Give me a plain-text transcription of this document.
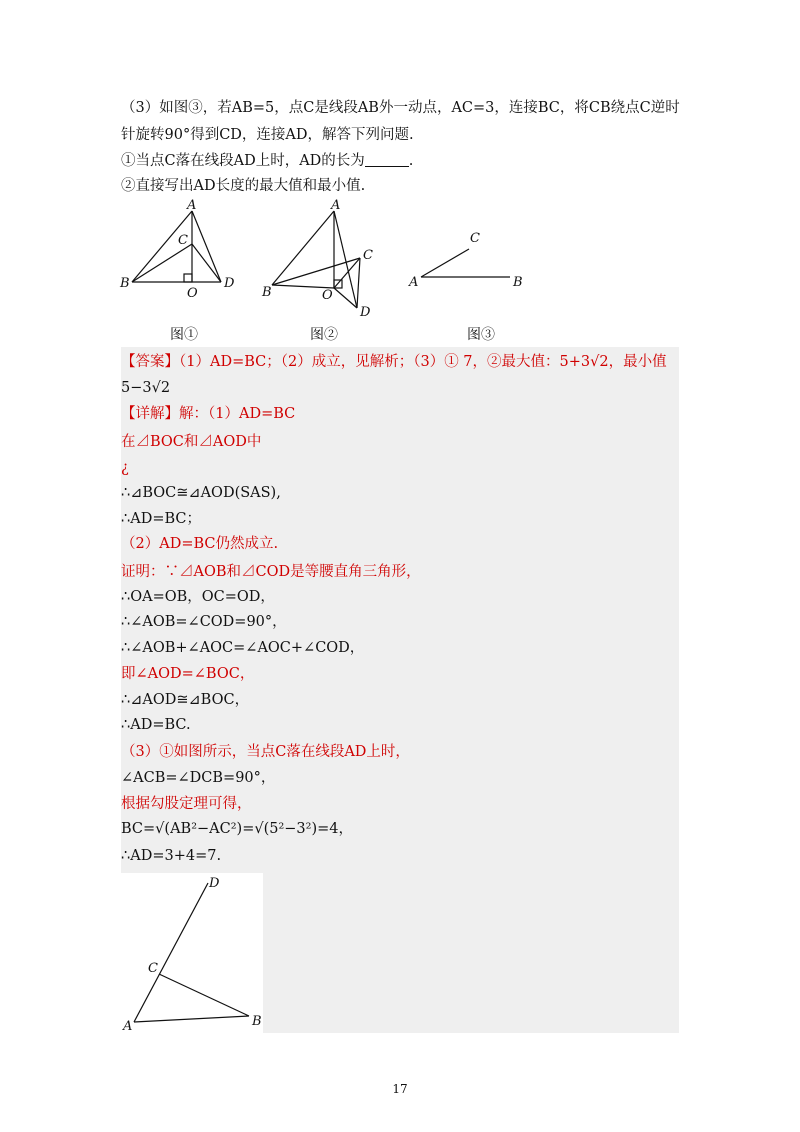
（3）如图③，若AB=5，点C是线段AB外一动点，AC=3，连接BC，将CB绕点C逆时
针旋转90°得到CD，连接AD，解答下列问题.
①当点C落在线段AD上时，AD的长为	.
②直接写出AD长度的最大值和最小值.
A
C
B
O
D
A
C
B	O
D
C
A	B
图①	图②	图③
【答案】（1）AD=BC；（2）成立，见解析；（3）① 7，②最大值：5+3√2，最小值
5−3√2
【详解】解：（1）AD=BC
在⊿BOC和⊿AOD中
¿
∴⊿BOC≅⊿AOD(SAS),
∴AD=BC；
（2）AD=BC仍然成立.
证明：∵⊿AOB和⊿COD是等腰直角三角形，
∴OA=OB，OC=OD，
∴∠AOB=∠COD=90°，
∴∠AOB+∠AOC=∠AOC+∠COD，
即∠AOD=∠BOC，
∴⊿AOD≅⊿BOC，
∴AD=BC.
（3）①如图所示，当点C落在线段AD上时，
∠ACB=∠DCB=90°，
根据勾股定理可得，
BC=√(AB²−AC²)=√(5²−3²)=4，
∴AD=3+4=7.
D
C
A	B
17
